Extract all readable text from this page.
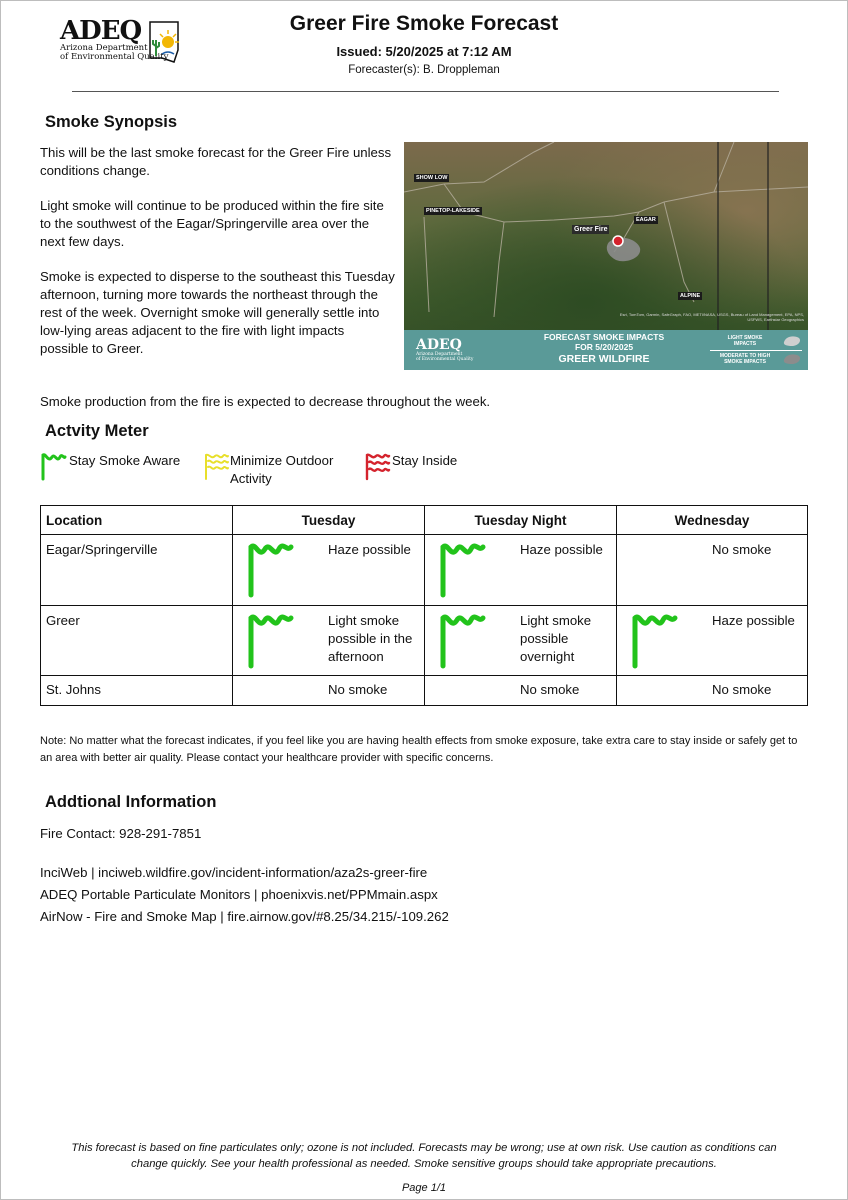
ADEQ
Arizona Department
of Environmental Quality
Greer Fire Smoke Forecast
Issued: 5/20/2025 at 7:12 AM
Forecaster(s): B. Droppleman
Smoke Synopsis

This will be the last smoke forecast for the Greer Fire unless conditions change.

Light smoke will continue to be produced within the fire site to the southwest of the Eagar/Springerville area over the next few days.

Smoke is expected to disperse to the southeast this Tuesday afternoon, turning more towards the northeast through the rest of the week. Overnight smoke will generally settle into low-lying areas adjacent to the fire with light impacts possible to Greer.

Smoke production from the fire is expected to decrease throughout the week.

SHOW LOW
PINETOP-LAKESIDE
EAGAR
ALPINE
Greer Fire
Esri, TomTom, Garmin, SafeGraph, FAO, METI/NASA, USGS, Bureau of Land Management, EPA, NPS, USFWS, Earthstar Geographics
ADEQ
Arizona Department
of Environmental Quality
FORECAST SMOKE IMPACTS
FOR 5/20/2025
GREER WILDFIRE
LIGHT SMOKE
IMPACTS
MODERATE TO HIGH
SMOKE IMPACTS
Actvity Meter
Stay Smoke Aware	Minimize Outdoor
Activity
Stay Inside
Location	Tuesday	Tuesday Night	Wednesday

Eagar/Springerville	Haze possible	Haze possible	No smoke

Greer	Light smoke possible in the afternoon	Light smoke possible overnight	Haze possible

St. Johns	No smoke	No smoke	No smoke

Note: No matter what the forecast indicates, if you feel like you are having health effects from smoke exposure, take extra care to stay inside or safely get to an area with better air quality. Please contact your healthcare provider with specific concerns.

Addtional Information
Fire Contact: 928-291-7851
InciWeb | inciweb.wildfire.gov/incident-information/aza2s-greer-fire
ADEQ Portable Particulate Monitors | phoenixvis.net/PPMmain.aspx
AirNow - Fire and Smoke Map | fire.airnow.gov/#8.25/34.215/-109.262

This forecast is based on fine particulates only; ozone is not included. Forecasts may be wrong; use at own risk. Use caution as conditions can change quickly. See your health professional as needed. Smoke sensitive groups should take appropriate precautions.

Page 1/1
